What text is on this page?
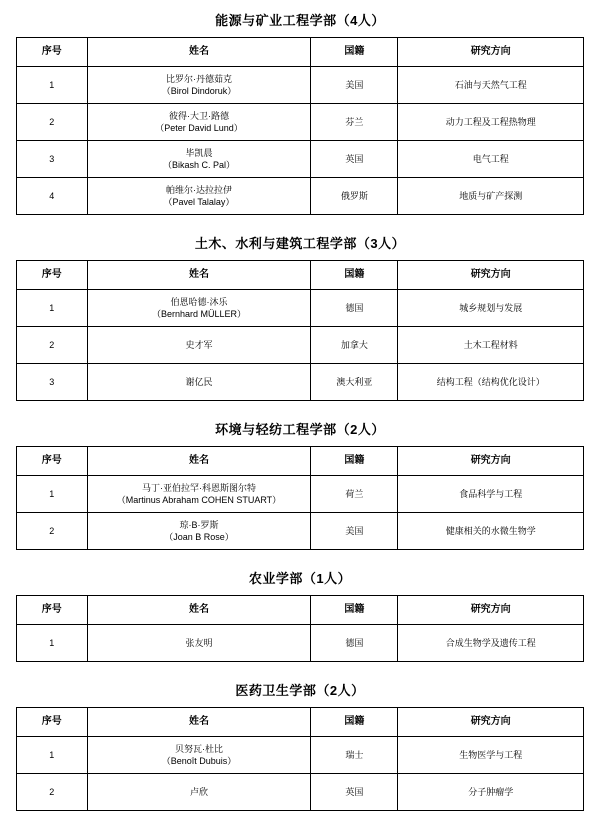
能源与矿业工程学部（4人）
序号	姓名	国籍	研究方向
1	比罗尔·丹德茹克
（Birol Dindoruk）	美国	石油与天然气工程
2	彼得·大卫·路德
（Peter David Lund）	芬兰	动力工程及工程热物理
3	毕凯晨
（Bikash C. Pal）	英国	电气工程
4	帕维尔·达拉拉伊
（Pavel Talalay）	俄罗斯	地质与矿产探测
土木、水利与建筑工程学部（3人）
序号	姓名	国籍	研究方向
1	伯恩哈德·沐乐
（Bernhard MÜLLER）	德国	城乡规划与发展
2	史才军	加拿大	土木工程材料
3	谢亿民	澳大利亚	结构工程（结构优化设计）
环境与轻纺工程学部（2人）
序号	姓名	国籍	研究方向
1	马丁·亚伯拉罕·科恩斯图尔特
（Martinus Abraham COHEN STUART）	荷兰	食品科学与工程
2	琼·B·罗斯
（Joan B Rose）	美国	健康相关的水微生物学
农业学部（1人）
序号	姓名	国籍	研究方向
1	张友明	德国	合成生物学及遗传工程
医药卫生学部（2人）
序号	姓名	国籍	研究方向
1	贝努瓦·杜比
（Benoît Dubuis）	瑞士	生物医学与工程
2	卢欣	英国	分子肿瘤学
